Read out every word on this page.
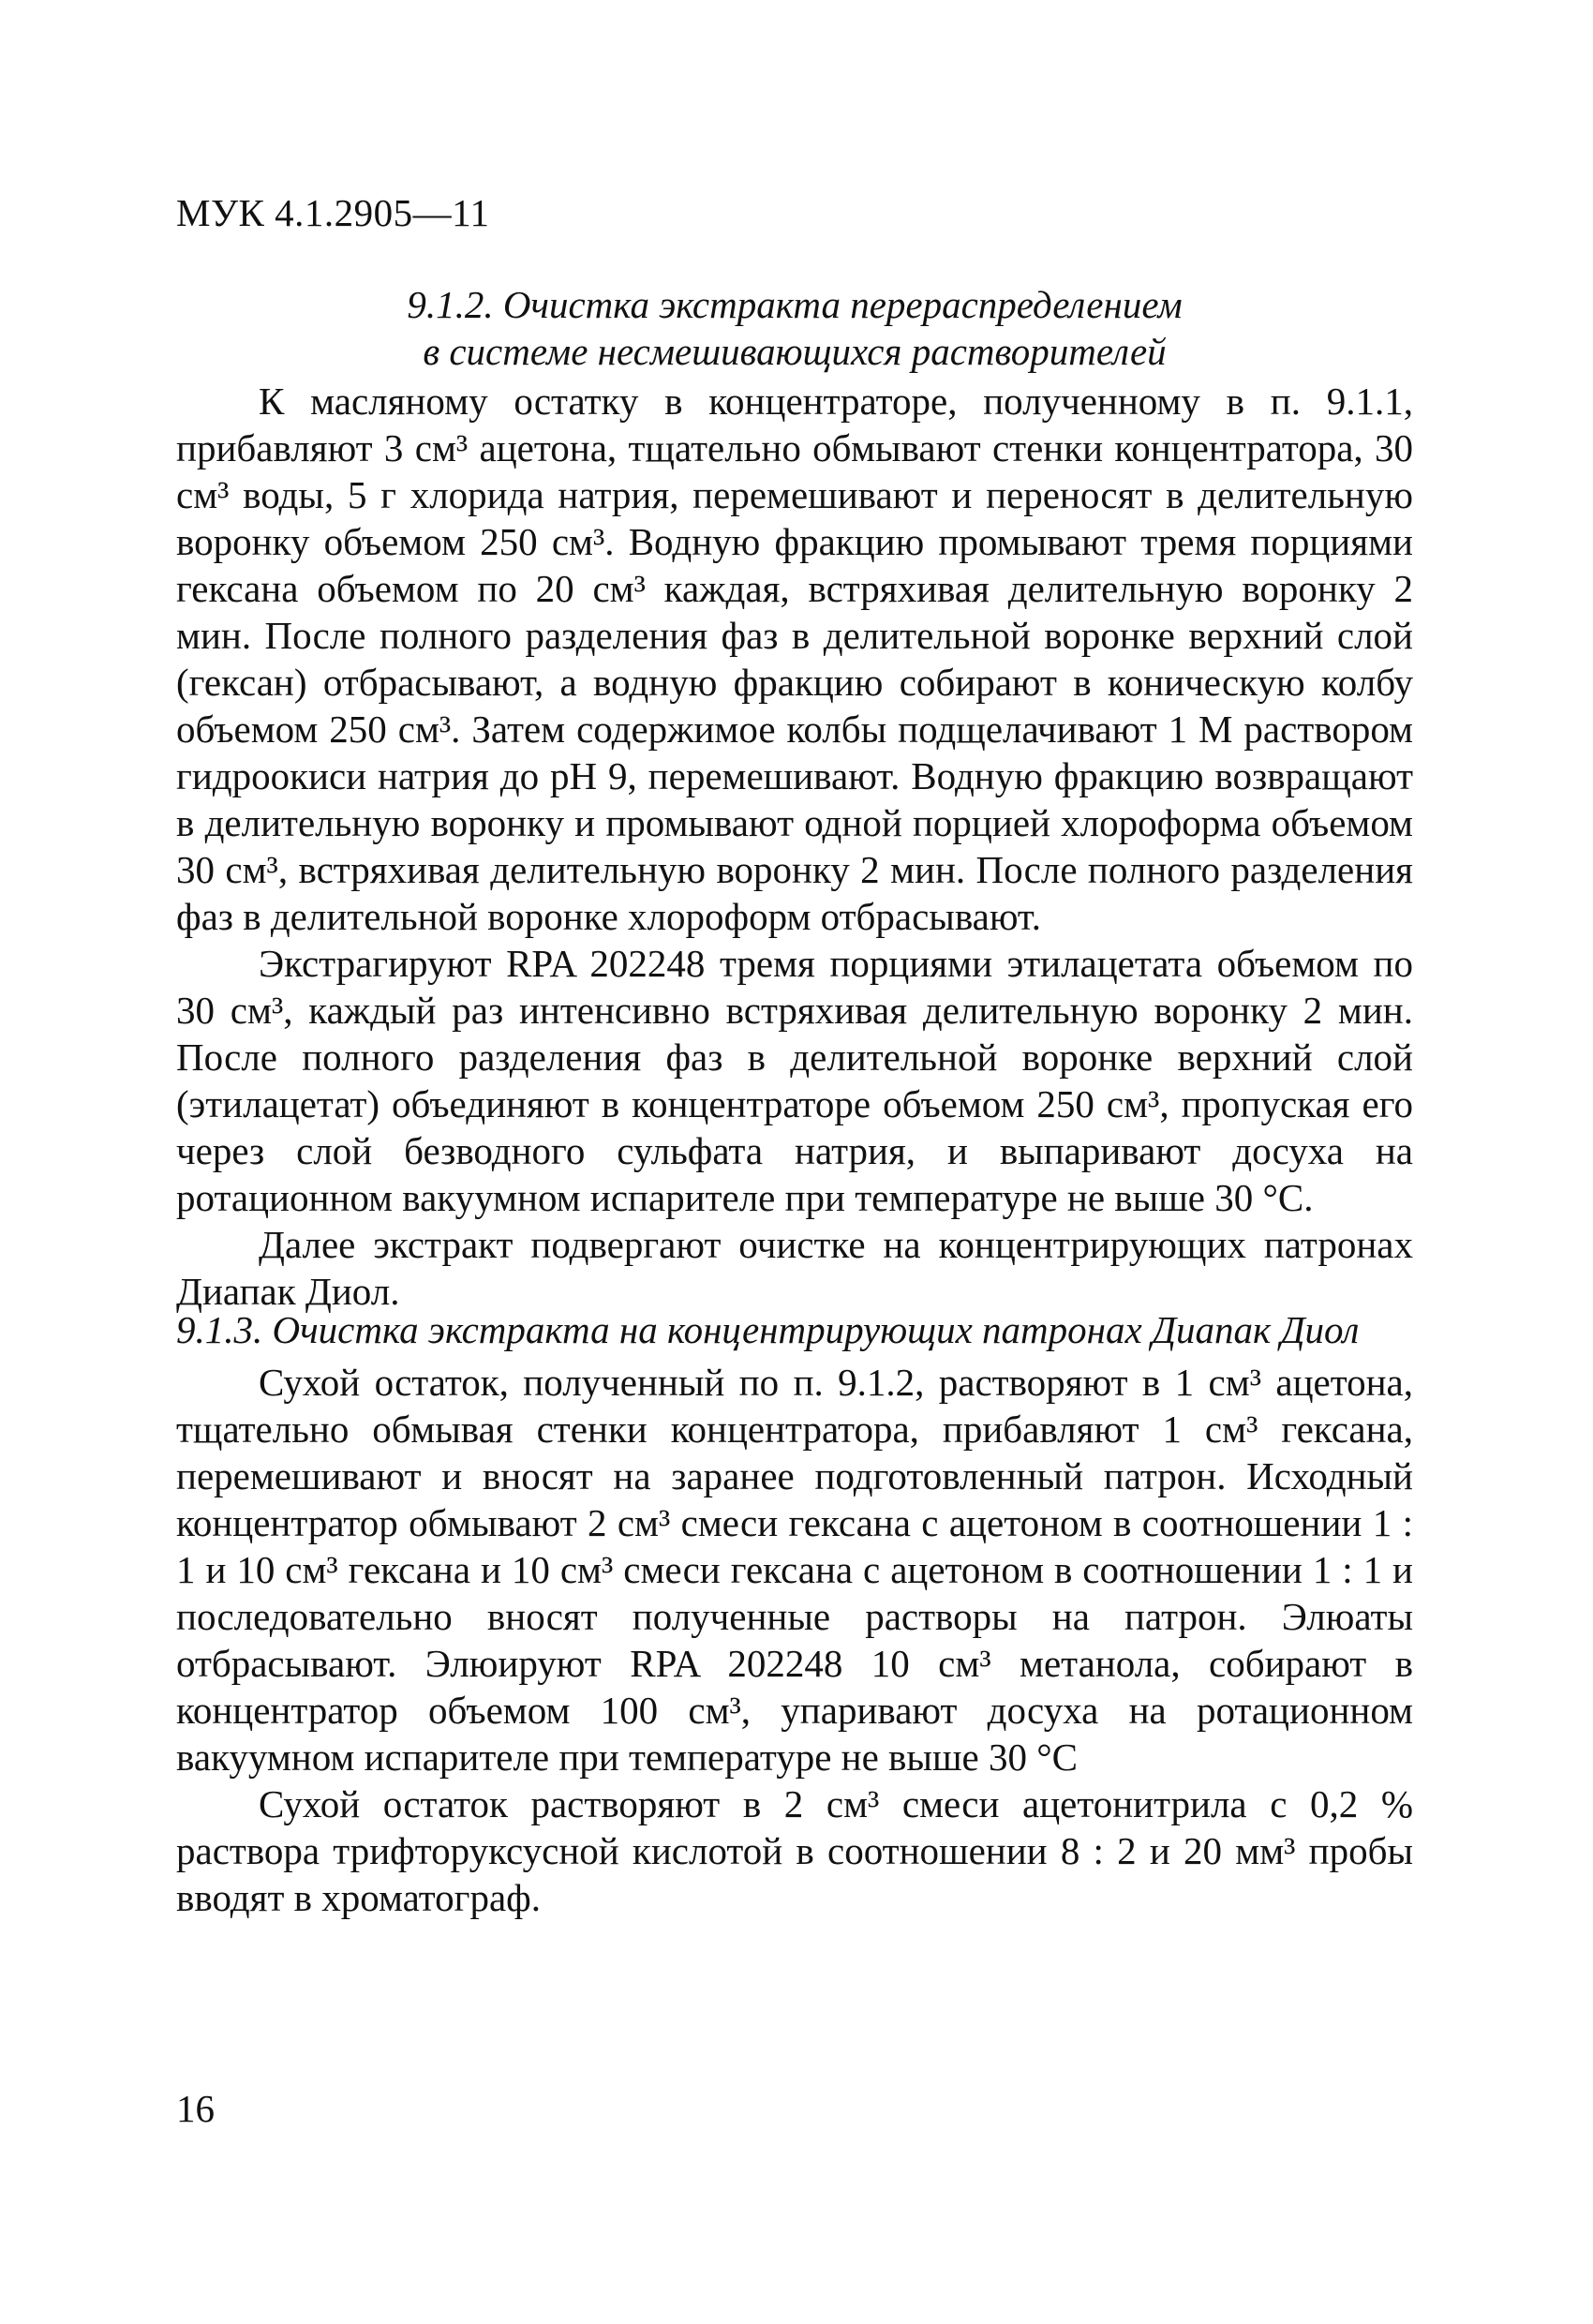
МУК 4.1.2905—11
9.1.2. Очистка экстракта перераспределением
в системе несмешивающихся растворителей

К масляному остатку в концентраторе, полученному в п. 9.1.1, прибавляют 3 см³ ацетона, тщательно обмывают стенки концентратора, 30 см³ воды, 5 г хлорида натрия, перемешивают и переносят в делительную воронку объемом 250 см³. Водную фракцию промывают тремя порциями гексана объемом по 20 см³ каждая, встряхивая делительную воронку 2 мин. После полного разделения фаз в делительной воронке верхний слой (гексан) отбрасывают, а водную фракцию собирают в коническую колбу объемом 250 см³. Затем содержимое колбы подщелачивают 1 М раствором гидроокиси натрия до pH 9, перемешивают. Водную фракцию возвращают в делительную воронку и промывают одной порцией хлороформа объемом 30 см³, встряхивая делительную воронку 2 мин. После полного разделения фаз в делительной воронке хлороформ отбрасывают.

Экстрагируют RPA 202248 тремя порциями этилацетата объемом по 30 см³, каждый раз интенсивно встряхивая делительную воронку 2 мин. После полного разделения фаз в делительной воронке верхний слой (этилацетат) объединяют в концентраторе объемом 250 см³, пропуская его через слой безводного сульфата натрия, и выпаривают досуха на ротационном вакуумном испарителе при температуре не выше 30 °С.

Далее экстракт подвергают очистке на концентрирующих патронах Диапак Диол.

9.1.3. Очистка экстракта на концентрирующих патронах Диапак Диол

Сухой остаток, полученный по п. 9.1.2, растворяют в 1 см³ ацетона, тщательно обмывая стенки концентратора, прибавляют 1 см³ гексана, перемешивают и вносят на заранее подготовленный патрон. Исходный концентратор обмывают 2 см³ смеси гексана с ацетоном в соотношении 1 : 1 и 10 см³ гексана и 10 см³ смеси гексана с ацетоном в соотношении 1 : 1 и последовательно вносят полученные растворы на патрон. Элюаты отбрасывают. Элюируют RPA 202248 10 см³ метанола, собирают в концентратор объемом 100 см³, упаривают досуха на ротационном вакуумном испарителе при температуре не выше 30 °С

Сухой остаток растворяют в 2 см³ смеси ацетонитрила с 0,2 % раствора трифторуксусной кислотой в соотношении 8 : 2 и 20 мм³ пробы вводят в хроматограф.

16
